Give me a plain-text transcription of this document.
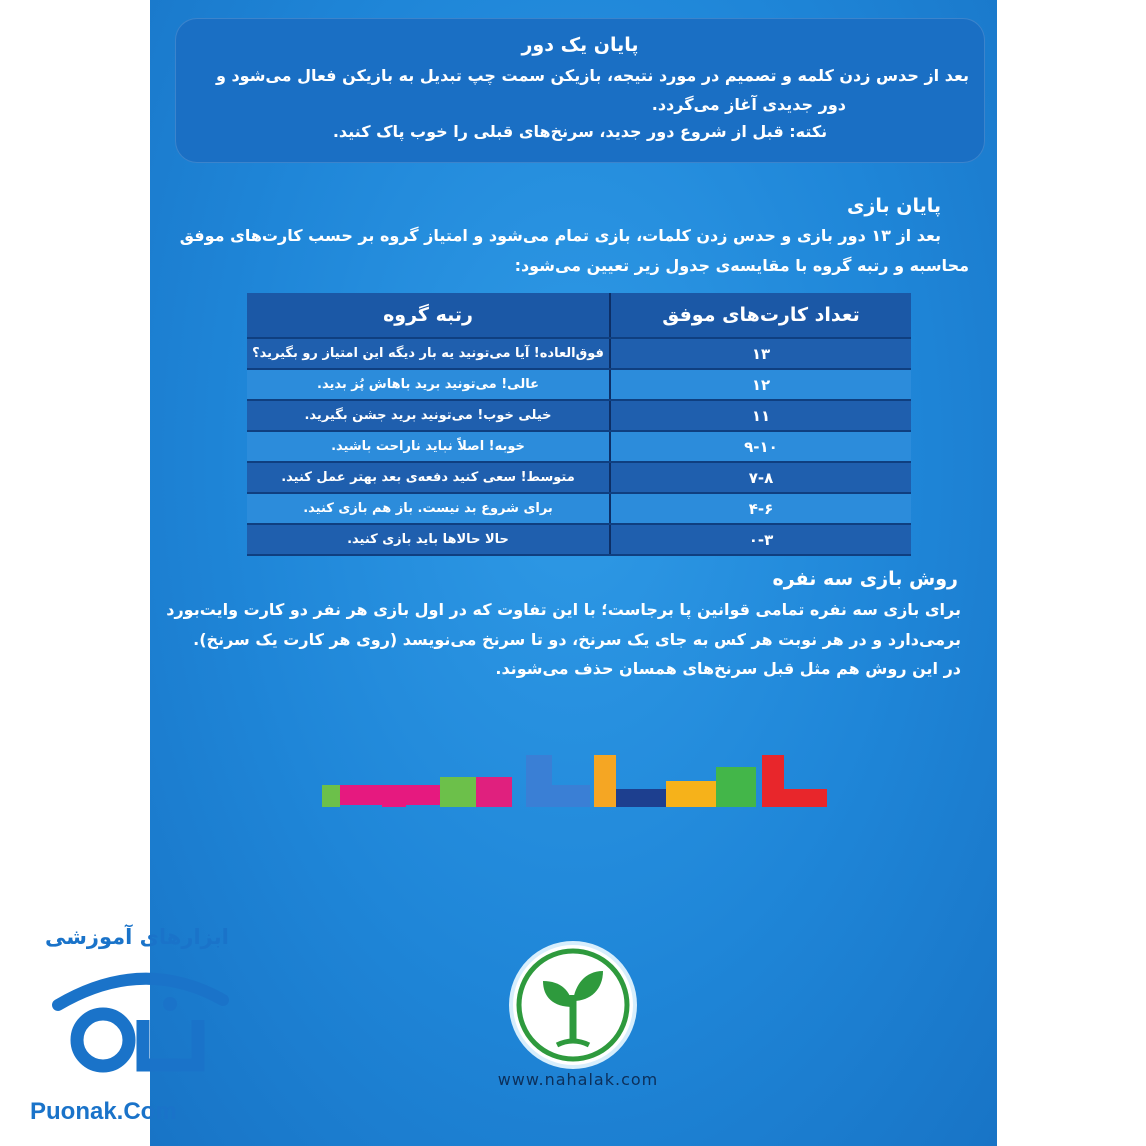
پایان یک دور
بعد از حدس زدن کلمه و تصمیم در مورد نتیجه، بازیکن سمت چپ تبدیل به بازیکن فعال می‌شود و
دور جدیدی آغاز می‌گردد.
نکته: قبل از شروع دور جدید، سرنخ‌های قبلی را خوب پاک کنید.
پایان بازی
بعد از ۱۳ دور بازی و حدس زدن کلمات، بازی تمام می‌شود و امتیاز گروه بر حسب کارت‌های موفق
محاسبه و رتبه گروه با مقایسه‌ی جدول زیر تعیین می‌شود:
تعداد کارت‌های موفق	رتبه گروه
۱۳	فوق‌العاده! آیا می‌تونید یه بار دیگه این امتیاز رو بگیرید؟
۱۲	عالی! می‌تونید برید باهاش پُز بدید.
۱۱	خیلی خوب! می‌تونید برید جشن بگیرید.
۹-۱۰	خوبه! اصلاً نباید ناراحت باشید.
۷-۸	متوسط! سعی کنید دفعه‌ی بعد بهتر عمل کنید.
۴-۶	برای شروع بد نیست. باز هم بازی کنید.
۰-۳	حالا حالاها باید بازی کنید.
روش بازی سه نفره
برای بازی سه نفره تمامی قوانین پا برجاست؛ با این تفاوت که در اول بازی هر نفر دو کارت وایت‌بورد
برمی‌دارد و در هر نوبت هر کس به جای یک سرنخ، دو تا سرنخ می‌نویسد (روی هر کارت یک سرنخ).
در این روش هم مثل قبل سرنخ‌های همسان حذف می‌شوند.
www.nahalak.com
ابزارهای آموزشی
Puonak.Com
